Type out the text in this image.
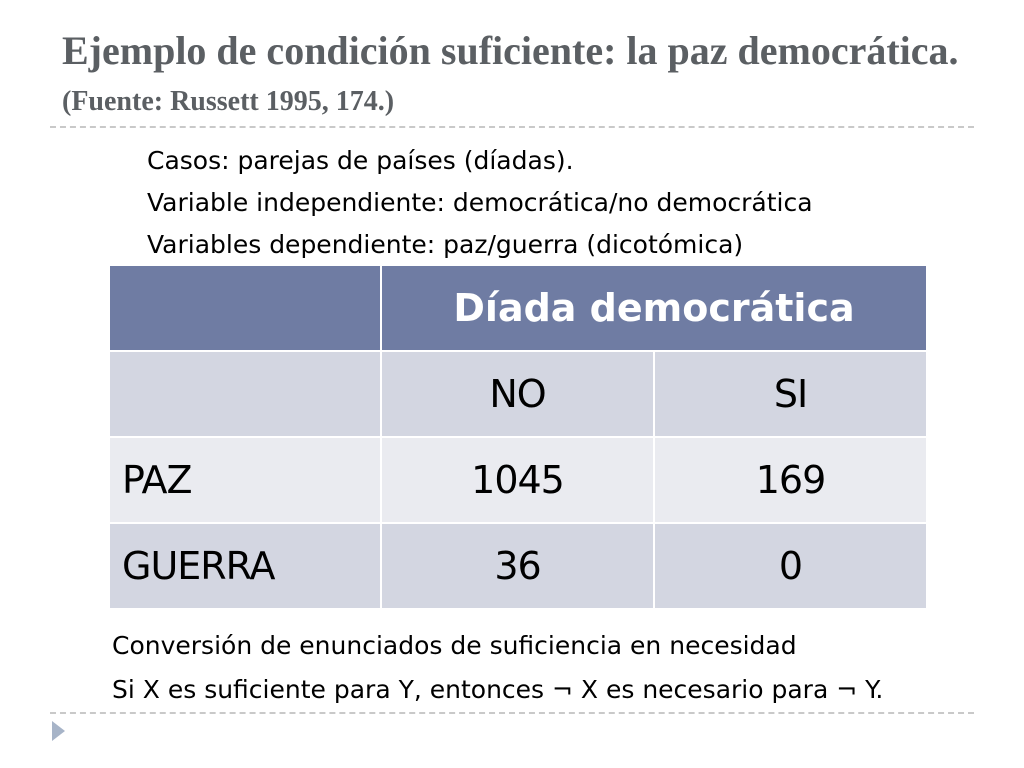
Ejemplo de condición suficiente: la paz democrática. (Fuente: Russett 1995, 174.)
Casos: parejas de países (díadas).
Variable independiente: democrática/no democrática
Variables dependiente: paz/guerra (dicotómica)
	Díada democrática	
	NO	SI
PAZ	1045	169
GUERRA	36	0
Conversión de enunciados de suficiencia en necesidad
Si X es suficiente para Y, entonces ¬ X es necesario para ¬ Y.
